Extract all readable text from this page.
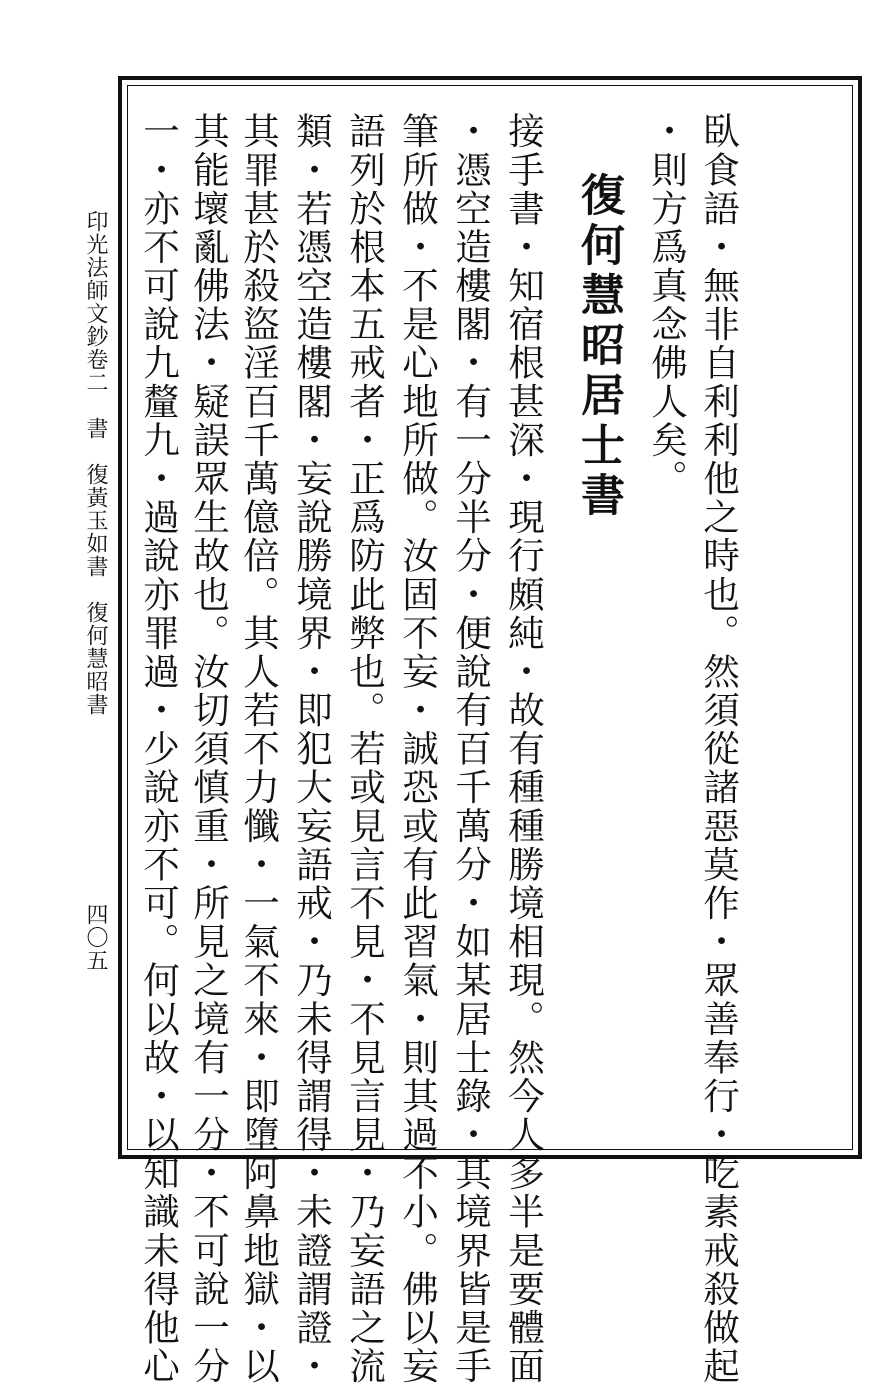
印光法師文鈔卷二　書　復黃玉如書　復何慧昭書
四〇五	臥食語・無非自利利他之時也。然須從諸惡莫作・眾善奉行・吃素戒殺做起
・則方爲真念佛人矣。
復何慧昭居士書
接手書・知宿根甚深・現行頗純・故有種種勝境相現。然今人多半是要體面
・憑空造樓閣・有一分半分・便說有百千萬分・如某居士錄・其境界皆是手
筆所做・不是心地所做。汝固不妄・誠恐或有此習氣・則其過不小。佛以妄
語列於根本五戒者・正爲防此弊也。若或見言不見・不見言見・乃妄語之流
類・若憑空造樓閣・妄說勝境界・即犯大妄語戒・乃未得謂得・未證謂證・
其罪甚於殺盜淫百千萬億倍。其人若不力懺・一氣不來・即墮阿鼻地獄・以
其能壞亂佛法・疑誤眾生故也。汝切須慎重・所見之境有一分・不可說一分
一・亦不可說九釐九・過說亦罪過・少說亦不可。何以故・以知識未得他心
